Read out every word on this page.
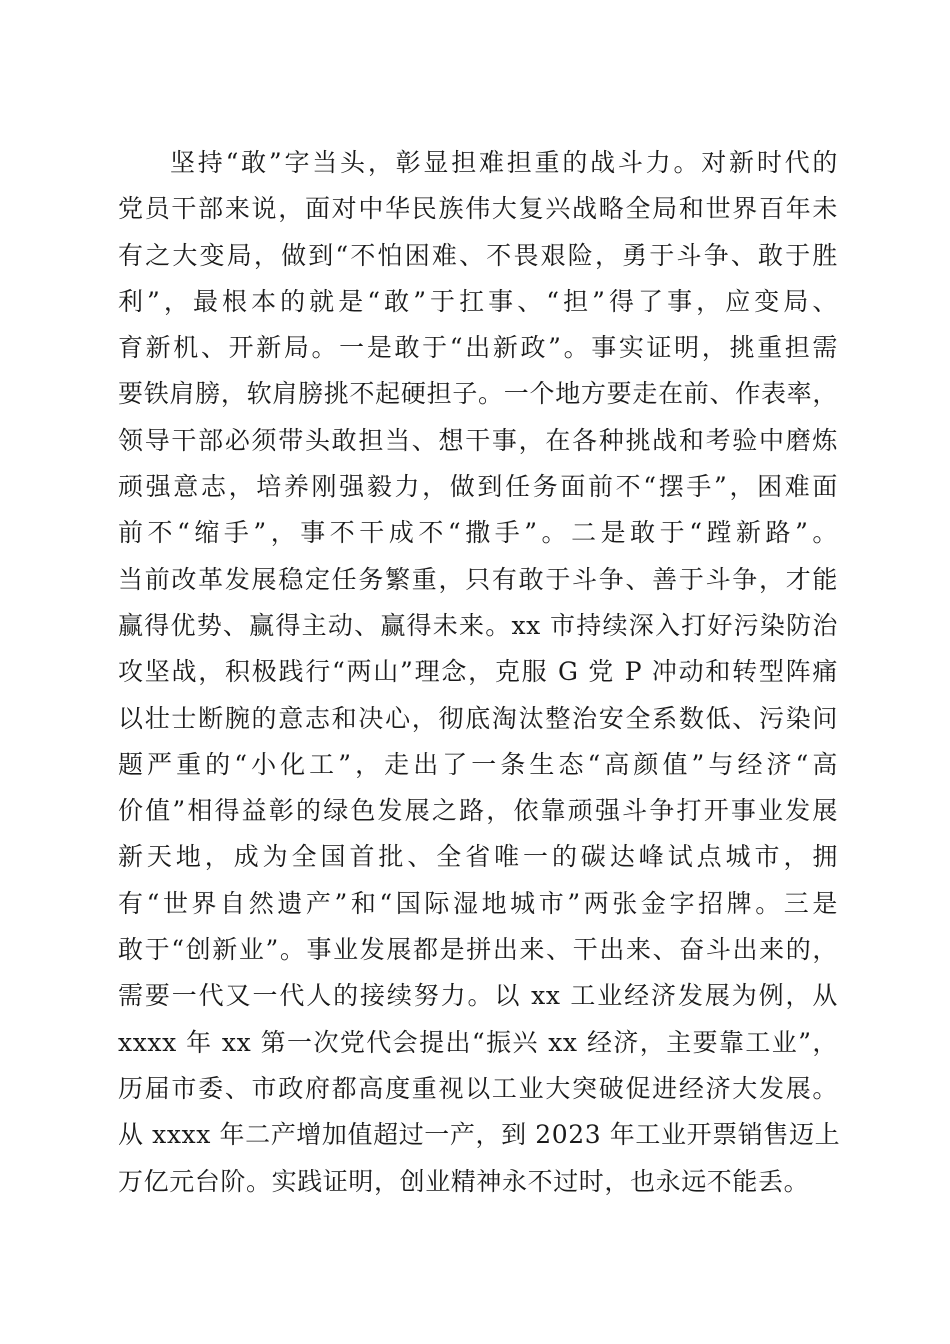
坚持“敢”字当头，彰显担难担重的战斗力。对新时代的
党员干部来说，面对中华民族伟大复兴战略全局和世界百年未
有之大变局，做到“不怕困难、不畏艰险，勇于斗争、敢于胜
利”，最根本的就是“敢”于扛事、“担”得了事，应变局、
育新机、开新局。一是敢于“出新政”。事实证明，挑重担需
要铁肩膀，软肩膀挑不起硬担子。一个地方要走在前、作表率，
领导干部必须带头敢担当、想干事，在各种挑战和考验中磨炼
顽强意志，培养刚强毅力，做到任务面前不“摆手”，困难面
前不“缩手”，事不干成不“撒手”。二是敢于“蹚新路”。
当前改革发展稳定任务繁重，只有敢于斗争、善于斗争，才能
赢得优势、赢得主动、赢得未来。xx 市持续深入打好污染防治
攻坚战，积极践行“两山”理念，克服 G 党 P 冲动和转型阵痛
以壮士断腕的意志和决心，彻底淘汰整治安全系数低、污染问
题严重的“小化工”，走出了一条生态“高颜值”与经济“高
价值”相得益彰的绿色发展之路，依靠顽强斗争打开事业发展
新天地，成为全国首批、全省唯一的碳达峰试点城市，拥
有“世界自然遗产”和“国际湿地城市”两张金字招牌。三是
敢于“创新业”。事业发展都是拼出来、干出来、奋斗出来的，
需要一代又一代人的接续努力。以 xx 工业经济发展为例，从
xxxx 年 xx 第一次党代会提出“振兴 xx 经济，主要靠工业”，
历届市委、市政府都高度重视以工业大突破促进经济大发展。
从 xxxx 年二产增加值超过一产，到 2023 年工业开票销售迈上
万亿元台阶。实践证明，创业精神永不过时，也永远不能丢。
